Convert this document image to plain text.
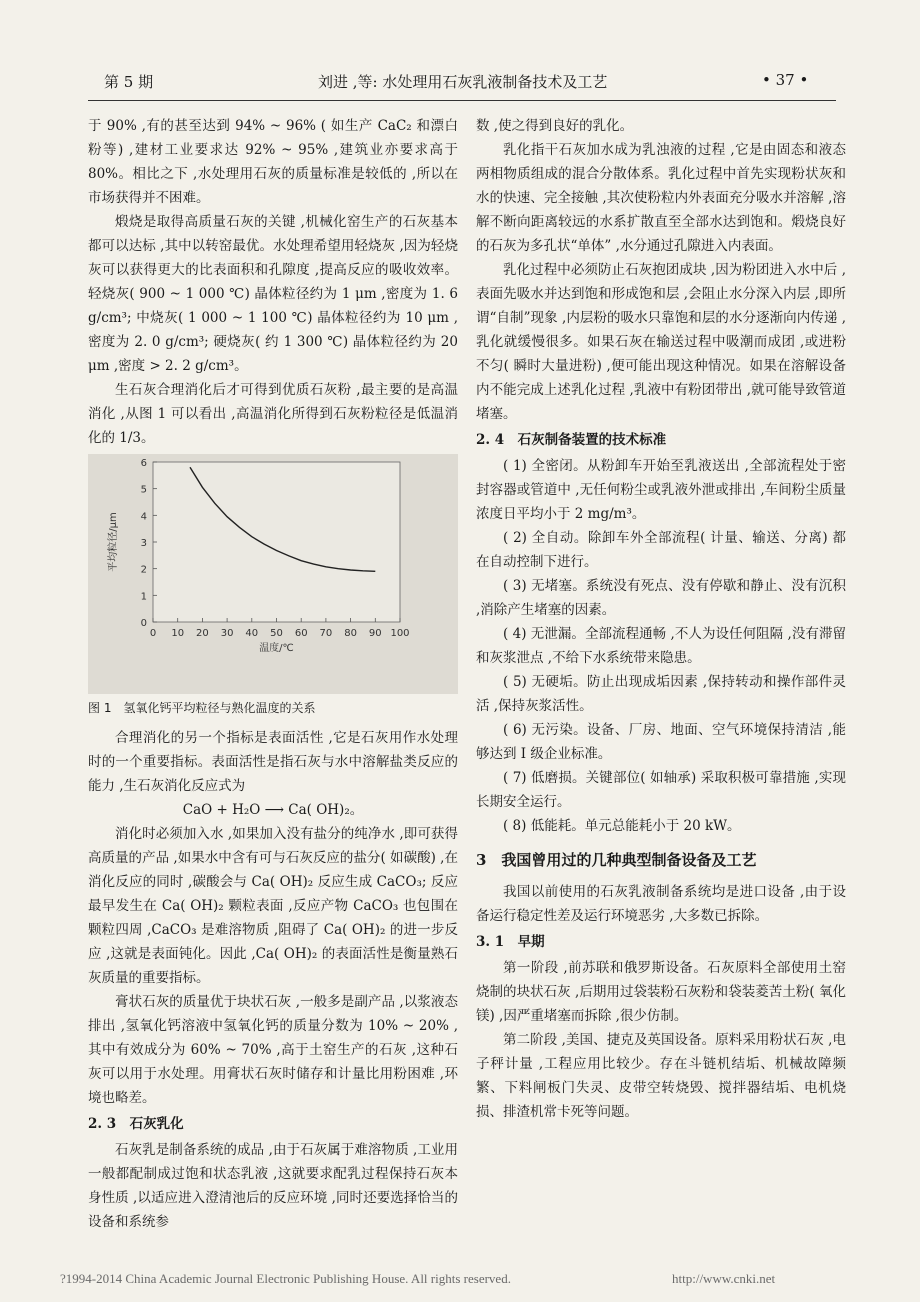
第 5 期	刘进 ,等: 水处理用石灰乳液制备技术及工艺	• 37 •

于 90% ,有的甚至达到 94% ~ 96% ( 如生产 CaC₂ 和漂白粉等) ,建材工业要求达 92% ~ 95% ,建筑业亦要求高于 80%。相比之下 ,水处理用石灰的质量标准是较低的 ,所以在市场获得并不困难。

煅烧是取得高质量石灰的关键 ,机械化窑生产的石灰基本都可以达标 ,其中以转窑最优。水处理希望用轻烧灰 ,因为轻烧灰可以获得更大的比表面积和孔隙度 ,提高反应的吸收效率。轻烧灰( 900 ~ 1 000 ℃) 晶体粒径约为 1 μm ,密度为 1. 6 g/cm³; 中烧灰( 1 000 ~ 1 100 ℃) 晶体粒径约为 10 μm ,密度为 2. 0 g/cm³; 硬烧灰( 约 1 300 ℃) 晶体粒径约为 20 μm ,密度 > 2. 2 g/cm³。

生石灰合理消化后才可得到优质石灰粉 ,最主要的是高温消化 ,从图 1 可以看出 ,高温消化所得到石灰粉粒径是低温消化的 1/3。

0 10 20 30 40 50 60 70 80 90 100
0
1
2
3
4
5
6
温度/℃
平均粒径/μm

图 1　氢氧化钙平均粒径与熟化温度的关系

合理消化的另一个指标是表面活性 ,它是石灰用作水处理时的一个重要指标。表面活性是指石灰与水中溶解盐类反应的能力 ,生石灰消化反应式为

CaO + H₂O ⟶ Ca( OH)₂。

消化时必须加入水 ,如果加入没有盐分的纯净水 ,即可获得高质量的产品 ,如果水中含有可与石灰反应的盐分( 如碳酸) ,在消化反应的同时 ,碳酸会与 Ca( OH)₂ 反应生成 CaCO₃; 反应最早发生在 Ca( OH)₂ 颗粒表面 ,反应产物 CaCO₃ 也包围在颗粒四周 ,CaCO₃ 是难溶物质 ,阻碍了 Ca( OH)₂ 的进一步反应 ,这就是表面钝化。因此 ,Ca( OH)₂ 的表面活性是衡量熟石灰质量的重要指标。

膏状石灰的质量优于块状石灰 ,一般多是副产品 ,以浆液态排出 ,氢氧化钙溶液中氢氧化钙的质量分数为 10% ~ 20% ,其中有效成分为 60% ~ 70% ,高于土窑生产的石灰 ,这种石灰可以用于水处理。用膏状石灰时储存和计量比用粉困难 ,环境也略差。

2. 3　石灰乳化

石灰乳是制备系统的成品 ,由于石灰属于难溶物质 ,工业用一般都配制成过饱和状态乳液 ,这就要求配乳过程保持石灰本身性质 ,以适应进入澄清池后的反应环境 ,同时还要选择恰当的设备和系统参

数 ,使之得到良好的乳化。

乳化指干石灰加水成为乳浊液的过程 ,它是由固态和液态两相物质组成的混合分散体系。乳化过程中首先实现粉状灰和水的快速、完全接触 ,其次使粉粒内外表面充分吸水并溶解 ,溶解不断向距离较远的水系扩散直至全部水达到饱和。煅烧良好的石灰为多孔状“单体” ,水分通过孔隙进入内表面。

乳化过程中必须防止石灰抱团成块 ,因为粉团进入水中后 ,表面先吸水并达到饱和形成饱和层 ,会阻止水分深入内层 ,即所谓“自制”现象 ,内层粉的吸水只靠饱和层的水分逐渐向内传递 ,乳化就缓慢很多。如果石灰在输送过程中吸潮而成团 ,或进粉不匀( 瞬时大量进粉) ,便可能出现这种情况。如果在溶解设备内不能完成上述乳化过程 ,乳液中有粉团带出 ,就可能导致管道堵塞。

2. 4　石灰制备装置的技术标准

( 1) 全密闭。从粉卸车开始至乳液送出 ,全部流程处于密封容器或管道中 ,无任何粉尘或乳液外泄或排出 ,车间粉尘质量浓度日平均小于 2 mg/m³。

( 2) 全自动。除卸车外全部流程( 计量、输送、分离) 都在自动控制下进行。

( 3) 无堵塞。系统没有死点、没有停歇和静止、没有沉积 ,消除产生堵塞的因素。

( 4) 无泄漏。全部流程通畅 ,不人为设任何阻隔 ,没有滞留和灰浆泄点 ,不给下水系统带来隐患。

( 5) 无硬垢。防止出现成垢因素 ,保持转动和操作部件灵活 ,保持灰浆活性。

( 6) 无污染。设备、厂房、地面、空气环境保持清洁 ,能够达到 I 级企业标准。

( 7) 低磨损。关键部位( 如轴承) 采取积极可靠措施 ,实现长期安全运行。

( 8) 低能耗。单元总能耗小于 20 kW。

3　我国曾用过的几种典型制备设备及工艺

我国以前使用的石灰乳液制备系统均是进口设备 ,由于设备运行稳定性差及运行环境恶劣 ,大多数已拆除。

3. 1　早期

第一阶段 ,前苏联和俄罗斯设备。石灰原料全部使用土窑烧制的块状石灰 ,后期用过袋装粉石灰粉和袋装菱苦土粉( 氧化镁) ,因严重堵塞而拆除 ,很少仿制。

第二阶段 ,美国、捷克及英国设备。原料采用粉状石灰 ,电子秤计量 ,工程应用比较少。存在斗链机结垢、机械故障频繁、下料闸板门失灵、皮带空转烧毁、搅拌器结垢、电机烧损、排渣机常卡死等问题。

?1994-2014 China Academic Journal Electronic Publishing House. All rights reserved.	http://www.cnki.net
